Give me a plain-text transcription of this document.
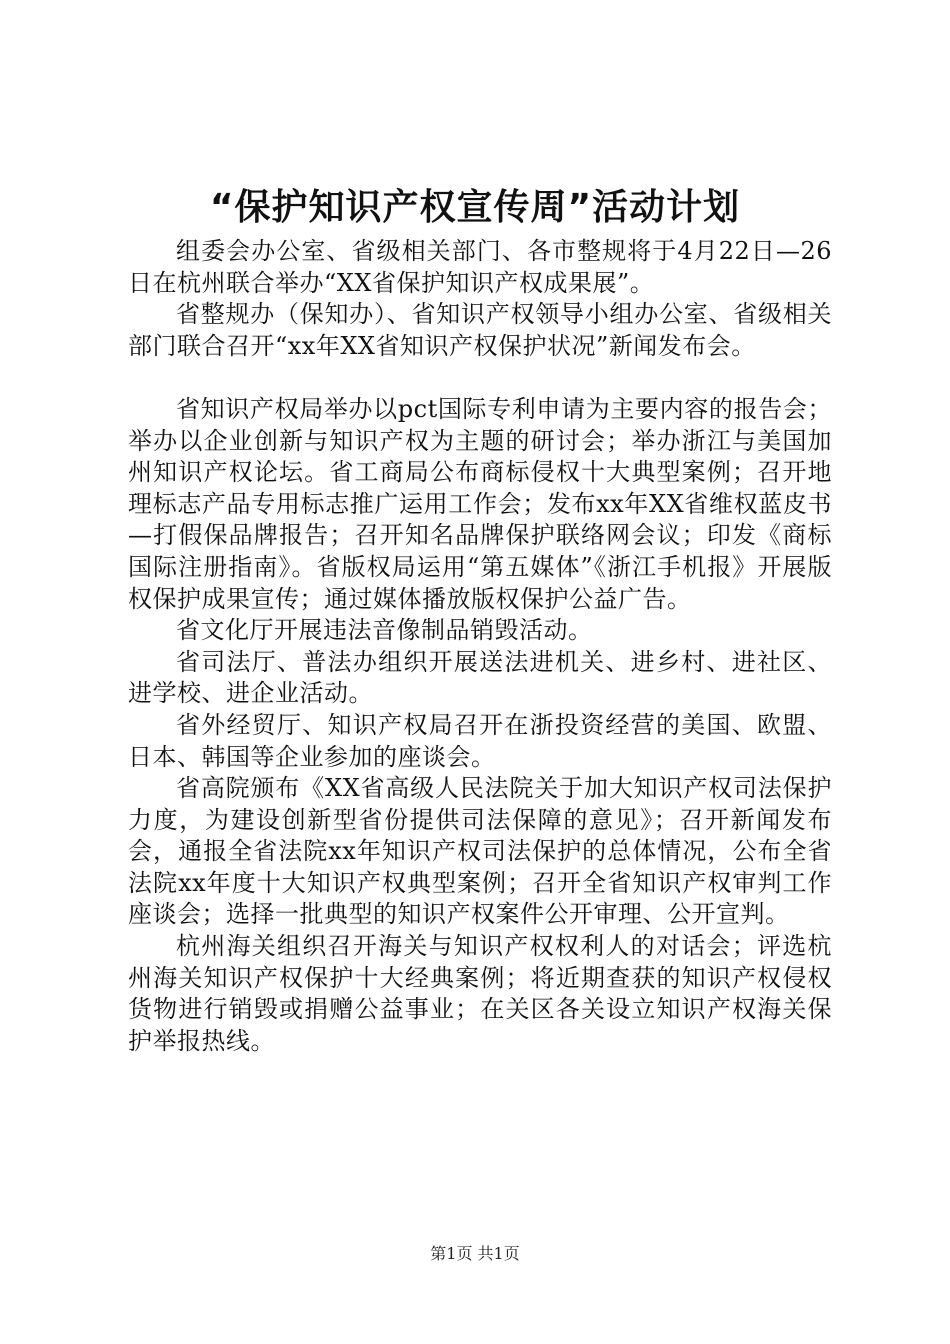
“保护知识产权宣传周”活动计划

组委会办公室、省级相关部门、各市整规将于4月22日—26日在杭州联合举办“XX省保护知识产权成果展”。

省整规办（保知办）、省知识产权领导小组办公室、省级相关部门联合召开“xx年XX省知识产权保护状况”新闻发布会。

省知识产权局举办以pct国际专利申请为主要内容的报告会；举办以企业创新与知识产权为主题的研讨会；举办浙江与美国加州知识产权论坛。省工商局公布商标侵权十大典型案例；召开地理标志产品专用标志推广运用工作会；发布xx年XX省维权蓝皮书—打假保品牌报告；召开知名品牌保护联络网会议；印发《商标国际注册指南》。省版权局运用“第五媒体”《浙江手机报》开展版权保护成果宣传；通过媒体播放版权保护公益广告。

省文化厅开展违法音像制品销毁活动。

省司法厅、普法办组织开展送法进机关、进乡村、进社区、进学校、进企业活动。

省外经贸厅、知识产权局召开在浙投资经营的美国、欧盟、日本、韩国等企业参加的座谈会。

省高院颁布《XX省高级人民法院关于加大知识产权司法保护力度，为建设创新型省份提供司法保障的意见》；召开新闻发布会，通报全省法院xx年知识产权司法保护的总体情况，公布全省法院xx年度十大知识产权典型案例；召开全省知识产权审判工作座谈会；选择一批典型的知识产权案件公开审理、公开宣判。

杭州海关组织召开海关与知识产权权利人的对话会；评选杭州海关知识产权保护十大经典案例；将近期查获的知识产权侵权货物进行销毁或捐赠公益事业；在关区各关设立知识产权海关保护举报热线。

第1页 共1页
